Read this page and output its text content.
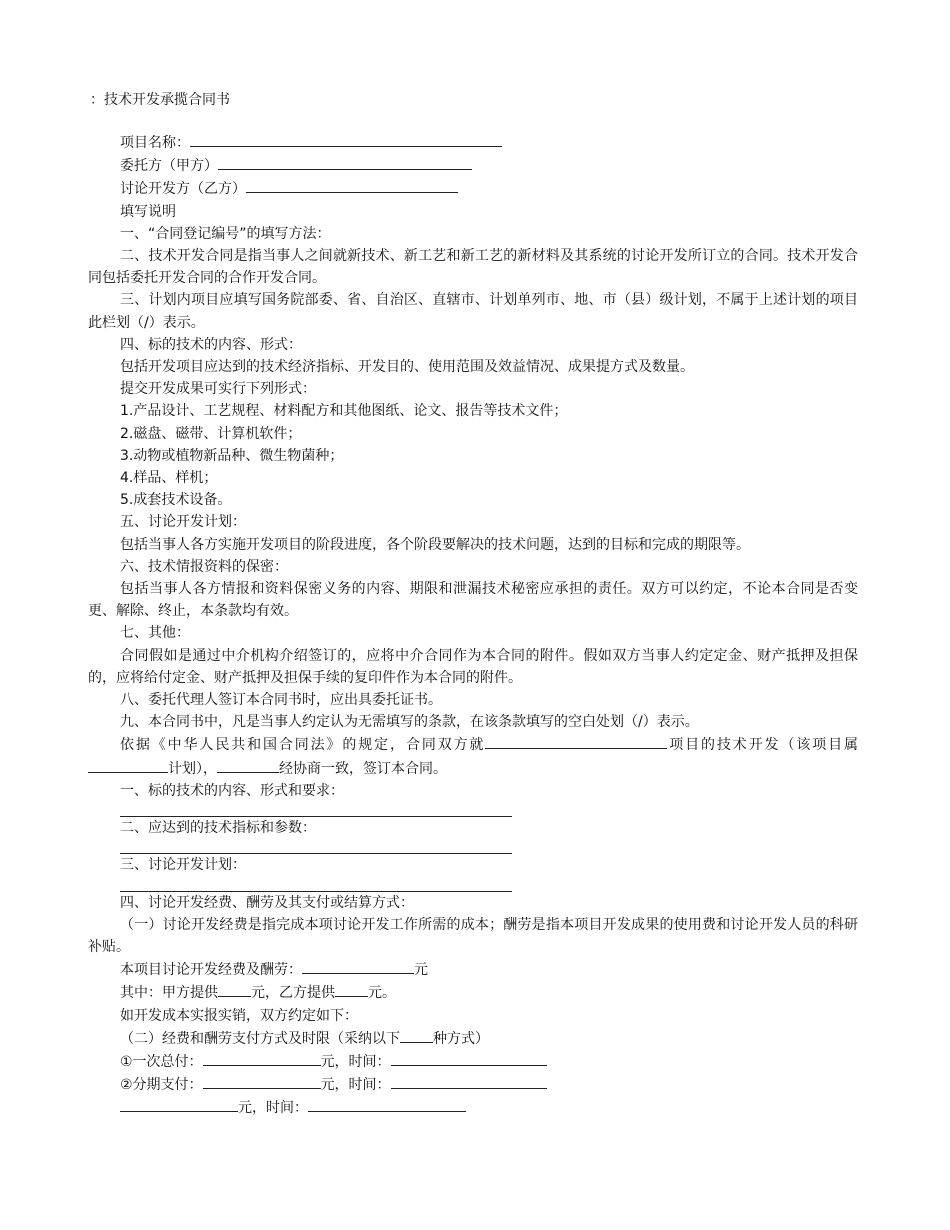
：技术开发承揽合同书

项目名称：

委托方（甲方）

讨论开发方（乙方）

填写说明

一、“合同登记编号”的填写方法：

二、技术开发合同是指当事人之间就新技术、新工艺和新工艺的新材料及其系统的讨论开发所订立的合同。技术开发合同包括委托开发合同的合作开发合同。

三、计划内项目应填写国务院部委、省、自治区、直辖市、计划单列市、地、市（县）级计划，不属于上述计划的项目此栏划（/）表示。

四、标的技术的内容、形式：

包括开发项目应达到的技术经济指标、开发目的、使用范围及效益情况、成果提方式及数量。

提交开发成果可实行下列形式：

1.产品设计、工艺规程、材料配方和其他图纸、论文、报告等技术文件；

2.磁盘、磁带、计算机软件；

3.动物或植物新品种、微生物菌种；

4.样品、样机；

5.成套技术设备。

五、讨论开发计划：

包括当事人各方实施开发项目的阶段进度，各个阶段要解决的技术问题，达到的目标和完成的期限等。

六、技术情报资料的保密：

包括当事人各方情报和资料保密义务的内容、期限和泄漏技术秘密应承担的责任。双方可以约定，不论本合同是否变更、解除、终止，本条款均有效。

七、其他：

合同假如是通过中介机构介绍签订的，应将中介合同作为本合同的附件。假如双方当事人约定定金、财产抵押及担保的，应将给付定金、财产抵押及担保手续的复印件作为本合同的附件。

八、委托代理人签订本合同书时，应出具委托证书。

九、本合同书中，凡是当事人约定认为无需填写的条款，在该条款填写的空白处划（/）表示。

依据《中华人民共和国合同法》的规定，合同双方就	项目的技术开发（该项目属计划），	经协商一致，签订本合同。

一、标的技术的内容、形式和要求：

二、应达到的技术指标和参数：

三、讨论开发计划：

四、讨论开发经费、酬劳及其支付或结算方式：

（一）讨论开发经费是指完成本项讨论开发工作所需的成本；酬劳是指本项目开发成果的使用费和讨论开发人员的科研补贴。

本项目讨论开发经费及酬劳：	元

其中：甲方提供 元，乙方提供 元。

如开发成本实报实销，双方约定如下：

（二）经费和酬劳支付方式及时限（采纳以下 种方式）

①一次总付：	元，时间：

②分期支付：	元，时间：

元，时间：
